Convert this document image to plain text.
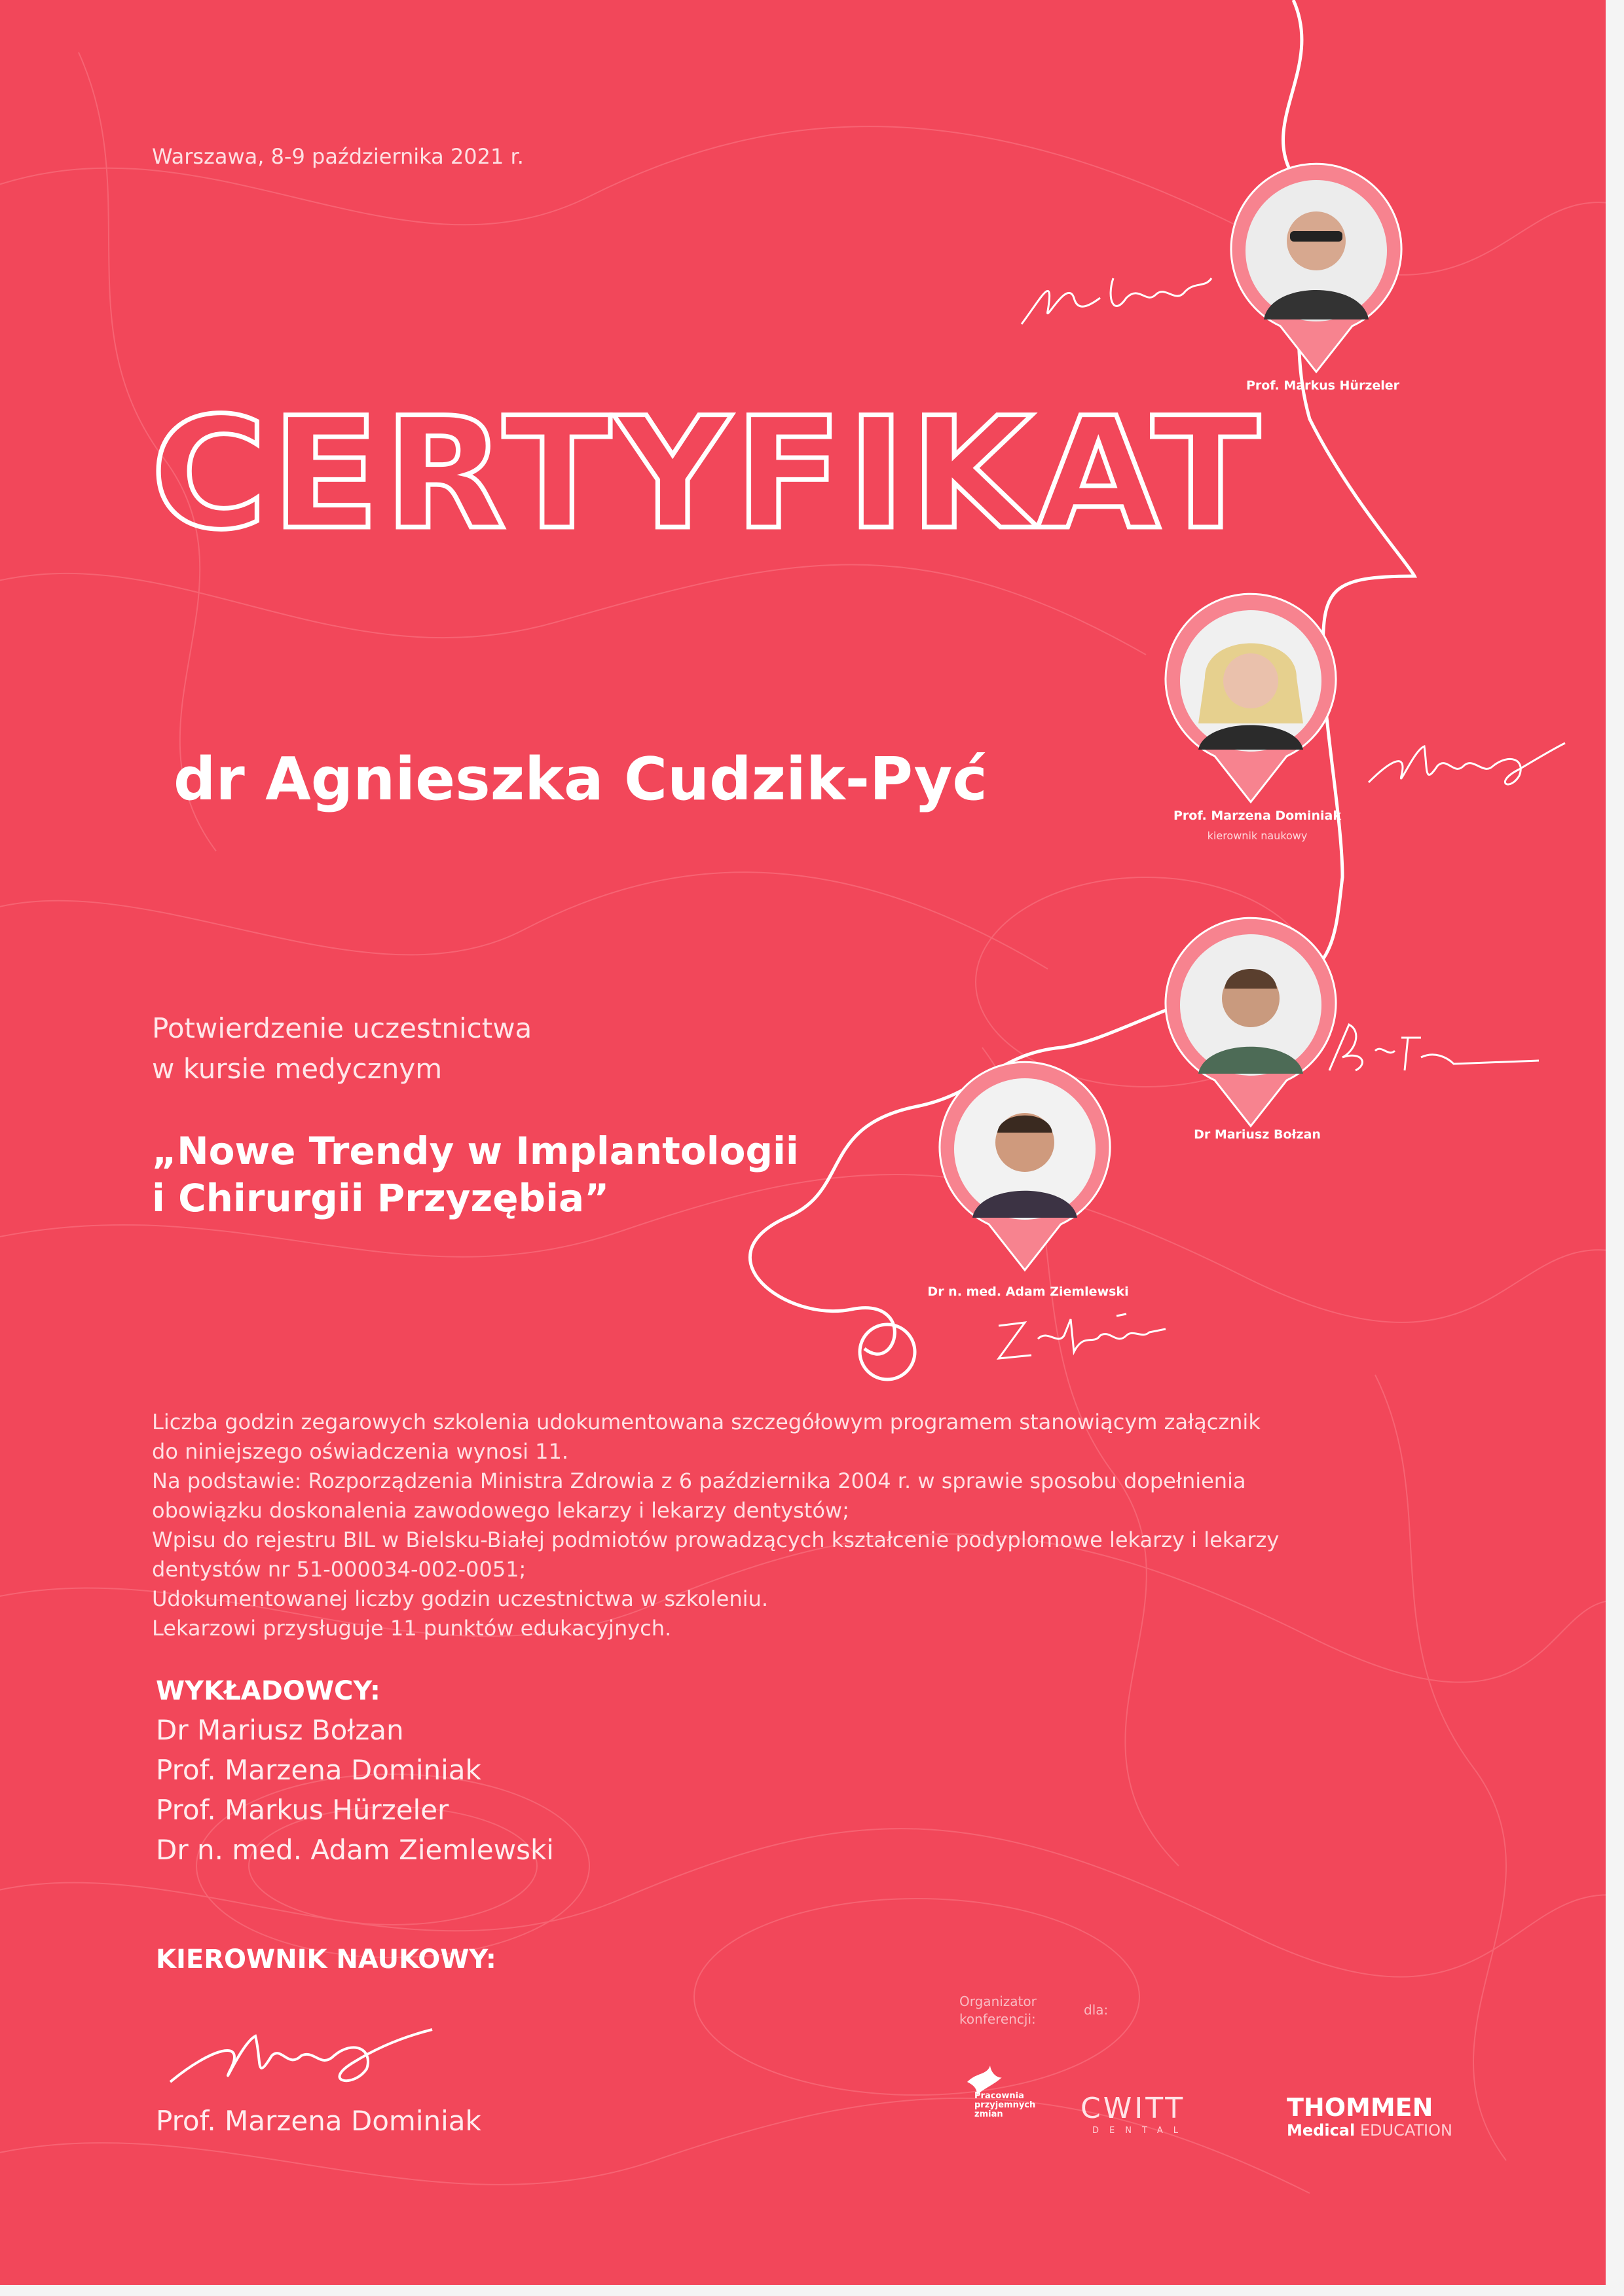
Warszawa, 8-9 października 2021 r.
CERTYFIKAT
dr Agnieszka Cudzik-Pyć
Potwierdzenie uczestnictwa
w kursie medycznym
„Nowe Trendy w Implantologii
i Chirurgii Przyzębia”
Liczba godzin zegarowych szkolenia udokumentowana szczegółowym programem stanowiącym załącznik
do niniejszego oświadczenia wynosi 11.
Na podstawie: Rozporządzenia Ministra Zdrowia z 6 października 2004 r. w sprawie sposobu dopełnienia
obowiązku doskonalenia zawodowego lekarzy i lekarzy dentystów;
Wpisu do rejestru BIL w Bielsku-Białej podmiotów prowadzących kształcenie podyplomowe lekarzy i lekarzy
dentystów nr 51-000034-002-0051;
Udokumentowanej liczby godzin uczestnictwa w szkoleniu.
Lekarzowi przysługuje 11 punktów edukacyjnych.
WYKŁADOWCY:
Dr Mariusz Bołzan
Prof. Marzena Dominiak
Prof. Markus Hürzeler
Dr n. med. Adam Ziemlewski
KIEROWNIK NAUKOWY:
Prof. Marzena Dominiak
Prof. Markus Hürzeler
Prof. Marzena Dominiak
kierownik naukowy
Dr Mariusz Bołzan
Dr n. med. Adam Ziemlewski
Organizator
konferencji:
dla:
Pracownia
przyjemnych
zmian	CWITT
DENTAL
THOMMEN
Medical EDUCATION
